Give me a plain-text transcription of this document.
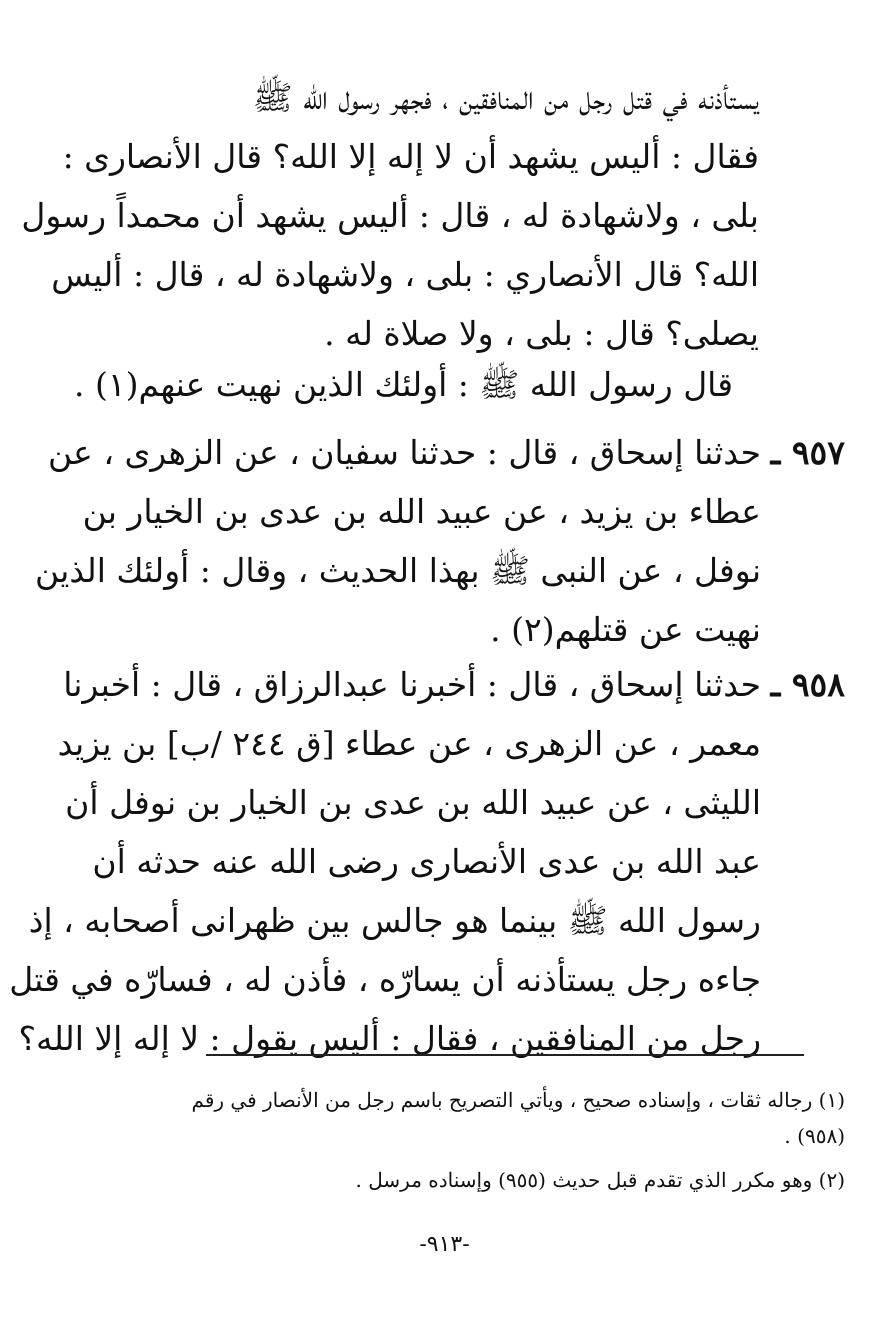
يستأذنه في قتل رجل من المنافقين ، فجهر رسول الله ﷺ
فقال : أليس يشهد أن لا إله إلا الله؟ قال الأنصارى :
بلى ، ولاشهادة له ، قال : أليس يشهد أن محمداً رسول
الله؟ قال الأنصاري : بلى ، ولاشهادة له ، قال : أليس
يصلى؟ قال : بلى ، ولا صلاة له .
قال رسول الله ﷺ : أولئك الذين نهيت عنهم(١) .
٩٥٧ ـ
حدثنا إسحاق ، قال : حدثنا سفيان ، عن الزهرى ، عن
عطاء بن يزيد ، عن عبيد الله بن عدى بن الخيار بن
نوفل ، عن النبى ﷺ بهذا الحديث ، وقال : أولئك الذين
نهيت عن قتلهم(٢) .
٩٥٨ ـ
حدثنا إسحاق ، قال : أخبرنا عبدالرزاق ، قال : أخبرنا
معمر ، عن الزهرى ، عن عطاء [ق ٢٤٤ /ب] بن يزيد
الليثى ، عن عبيد الله بن عدى بن الخيار بن نوفل أن
عبد الله بن عدى الأنصارى رضى الله عنه حدثه أن
رسول الله ﷺ بينما هو جالس بين ظهرانى أصحابه ، إذ
جاءه رجل يستأذنه أن يسارّه ، فأذن له ، فسارّه في قتل
رجل من المنافقين ، فقال : أليس يقول : لا إله إلا الله؟
(١) رجاله ثقات ، وإسناده صحيح ، ويأتي التصريح باسم رجل من الأنصار في رقم
(٩٥٨) .
(٢) وهو مكرر الذي تقدم قبل حديث (٩٥٥) وإسناده مرسل .
-٩١٣-
